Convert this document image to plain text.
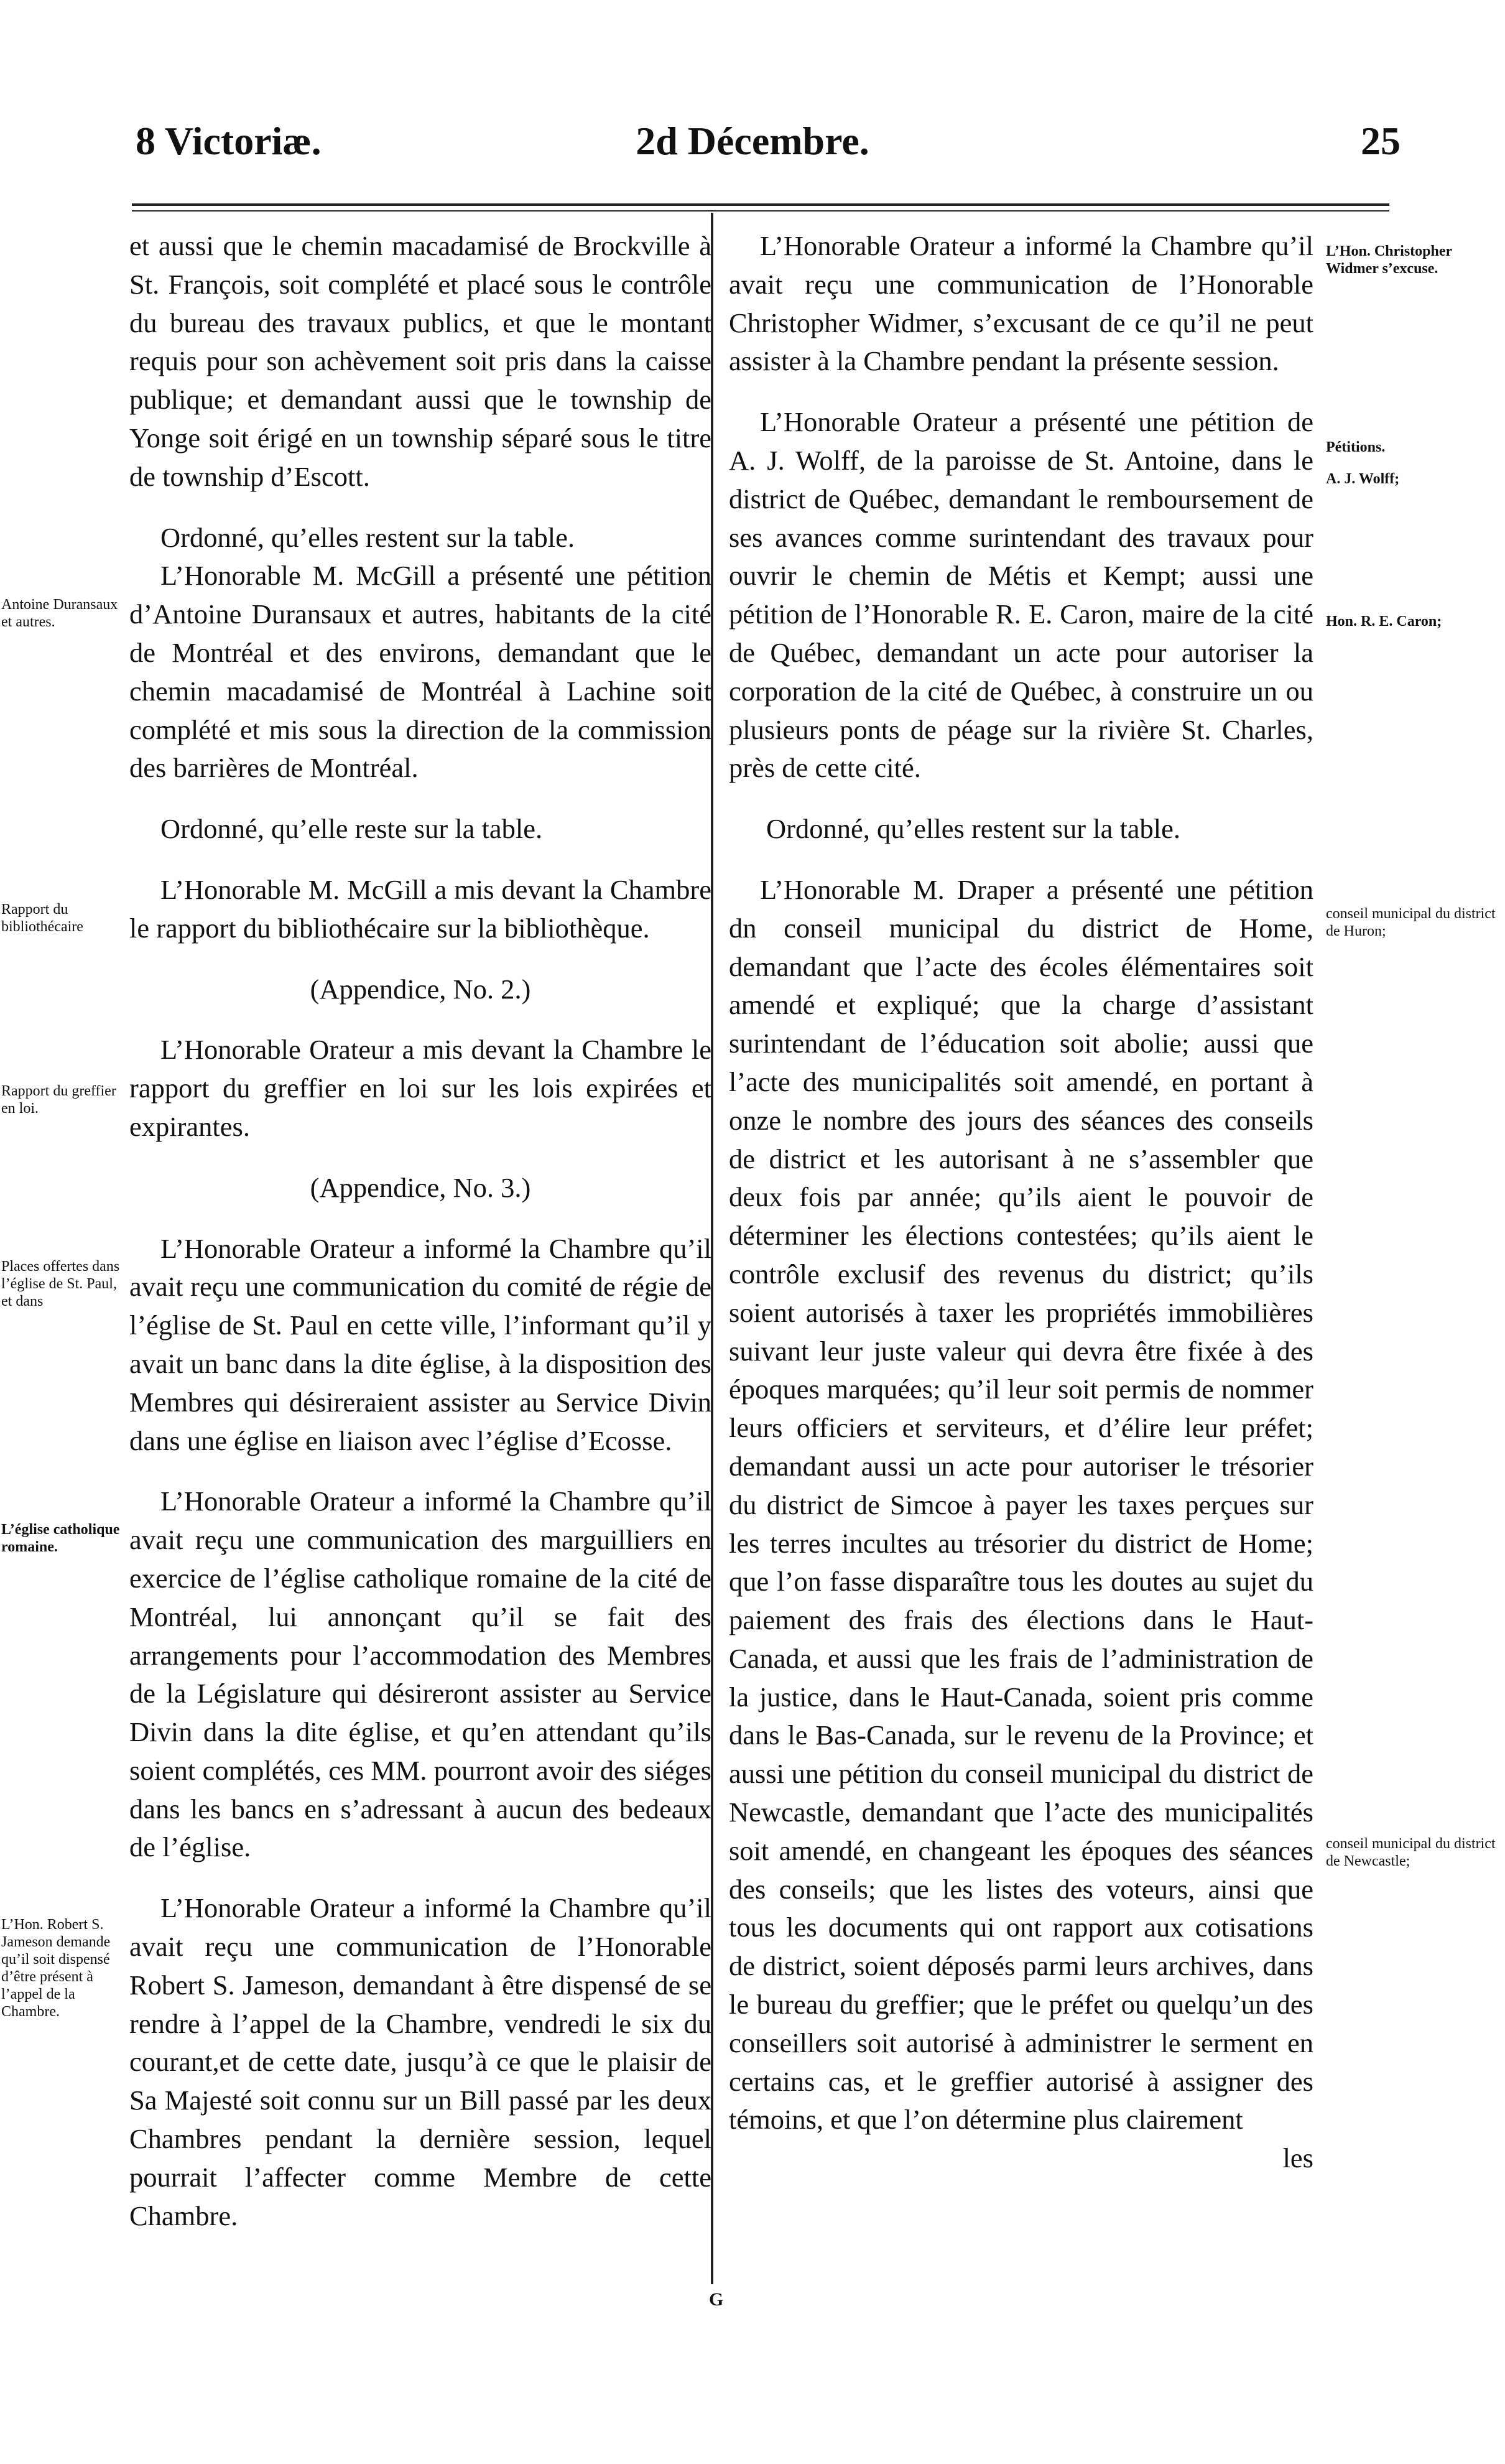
8 Victoriæ.	2d Décembre.	25

et aussi que le chemin macadamisé de Brockville à St. François, soit complété et placé sous le contrôle du bureau des travaux publics, et que le montant requis pour son achèvement soit pris dans la caisse publique; et demandant aussi que le township de Yonge soit érigé en un township séparé sous le titre de township d’Escott.

Ordonné, qu’elles restent sur la table.

L’Honorable M. McGill a présenté une pétition d’Antoine Duransaux et autres, habitants de la cité de Montréal et des environs, demandant que le chemin macadamisé de Montréal à Lachine soit complété et mis sous la direction de la commission des barrières de Montréal.

Ordonné, qu’elle reste sur la table.

L’Honorable M. McGill a mis devant la Chambre le rapport du bibliothécaire sur la bibliothèque.

(Appendice, No. 2.)

L’Honorable Orateur a mis devant la Chambre le rapport du greffier en loi sur les lois expirées et expirantes.

(Appendice, No. 3.)

L’Honorable Orateur a informé la Chambre qu’il avait reçu une communication du comité de régie de l’église de St. Paul en cette ville, l’informant qu’il y avait un banc dans la dite église, à la disposition des Membres qui désireraient assister au Service Divin dans une église en liaison avec l’église d’Ecosse.

L’Honorable Orateur a informé la Chambre qu’il avait reçu une communication des marguilliers en exercice de l’église catholique romaine de la cité de Montréal, lui annonçant qu’il se fait des arrangements pour l’accommodation des Membres de la Législature qui désireront assister au Service Divin dans la dite église, et qu’en attendant qu’ils soient complétés, ces MM. pourront avoir des siéges dans les bancs en s’adressant à aucun des bedeaux de l’église.

L’Honorable Orateur a informé la Chambre qu’il avait reçu une communication de l’Honorable Robert S. Jameson, demandant à être dispensé de se rendre à l’appel de la Chambre, vendredi le six du courant,et de cette date, jusqu’à ce que le plaisir de Sa Majesté soit connu sur un Bill passé par les deux Chambres pendant la dernière session, lequel pourrait l’affecter comme Membre de cette Chambre.

L’Honorable Orateur a informé la Chambre qu’il avait reçu une communication de l’Honorable Christopher Widmer, s’excusant de ce qu’il ne peut assister à la Chambre pendant la présente session.

L’Honorable Orateur a présenté une pétition de A. J. Wolff, de la paroisse de St. Antoine, dans le district de Québec, demandant le remboursement de ses avances comme surintendant des travaux pour ouvrir le chemin de Métis et Kempt; aussi une pétition de l’Honorable R. E. Caron, maire de la cité de Québec, demandant un acte pour autoriser la corporation de la cité de Québec, à construire un ou plusieurs ponts de péage sur la rivière St. Charles, près de cette cité.

Ordonné, qu’elles restent sur la table.

L’Honorable M. Draper a présenté une pétition dn conseil municipal du district de Home, demandant que l’acte des écoles élémentaires soit amendé et expliqué; que la charge d’assistant surintendant de l’éducation soit abolie; aussi que l’acte des municipalités soit amendé, en portant à onze le nombre des jours des séances des conseils de district et les autorisant à ne s’assembler que deux fois par année; qu’ils aient le pouvoir de déterminer les élections contestées; qu’ils aient le contrôle exclusif des revenus du district; qu’ils soient autorisés à taxer les propriétés immobilières suivant leur juste valeur qui devra être fixée à des époques marquées; qu’il leur soit permis de nommer leurs officiers et serviteurs, et d’élire leur préfet; demandant aussi un acte pour autoriser le trésorier du district de Simcoe à payer les taxes perçues sur les terres incultes au trésorier du district de Home; que l’on fasse disparaître tous les doutes au sujet du paiement des frais des élections dans le Haut-Canada, et aussi que les frais de l’administration de la justice, dans le Haut-Canada, soient pris comme dans le Bas-Canada, sur le revenu de la Province; et aussi une pétition du conseil municipal du district de Newcastle, demandant que l’acte des municipalités soit amendé, en changeant les époques des séances des conseils; que les listes des voteurs, ainsi que tous les documents qui ont rapport aux cotisations de district, soient déposés parmi leurs archives, dans le bureau du greffier; que le préfet ou quelqu’un des conseillers soit autorisé à administrer le serment en certains cas, et le greffier autorisé à assigner des témoins, et que l’on détermine plus clairement

les

Antoine Duransaux et autres.
Rapport du bibliothécaire
Rapport du greffier en loi.
Places offertes dans l’église de St. Paul, et dans
L’église catholique romaine.
L’Hon. Robert S. Jameson demande qu’il soit dispensé d’être présent à l’appel de la Chambre.
L’Hon. Christopher Widmer s’excuse.
Pétitions.
A. J. Wolff;
Hon. R. E. Caron;
conseil municipal du district de Huron;
conseil municipal du district de Newcastle;
G
